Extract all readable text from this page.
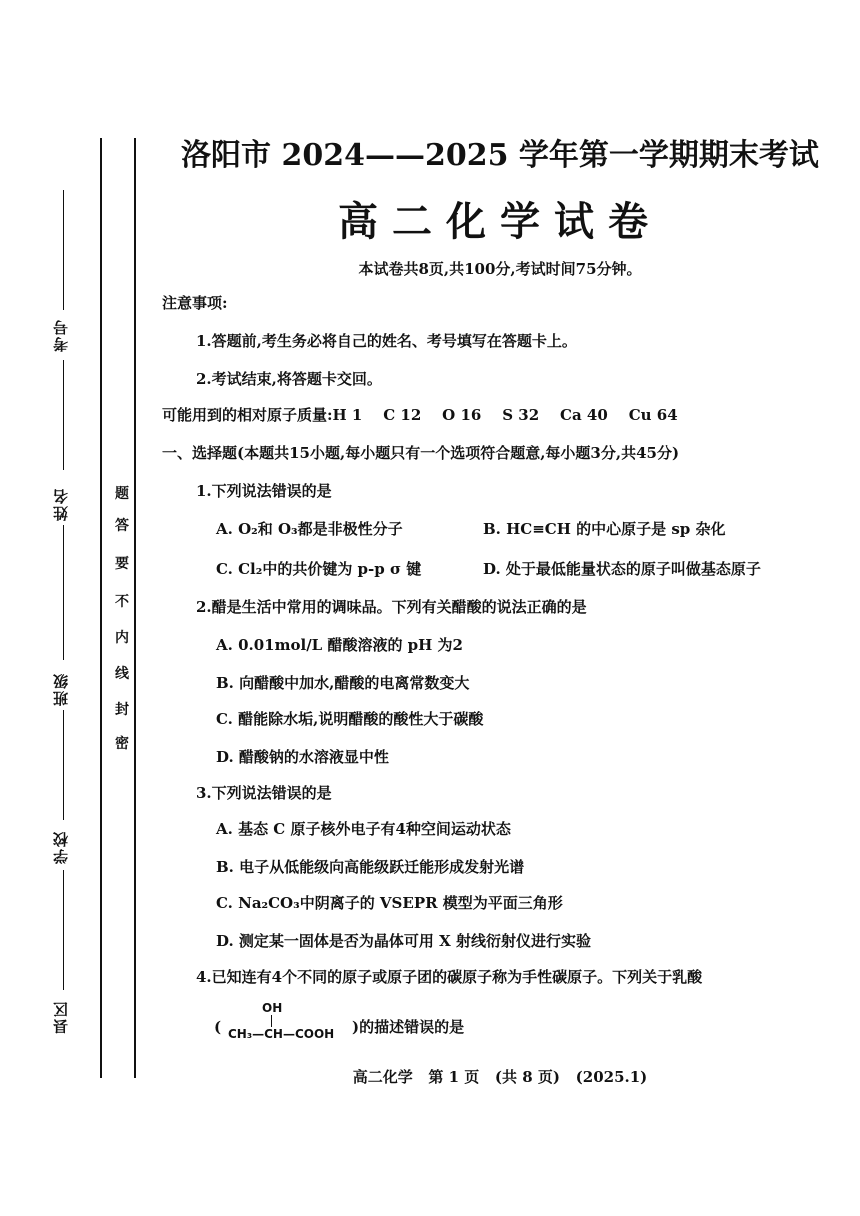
考号
姓名
班级
学校
县区
题
答
要
不
内
线
封
密
洛阳市 2024——2025 学年第一学期期末考试
高二化学试卷
本试卷共8页,共100分,考试时间75分钟。
注意事项:
1.答题前,考生务必将自己的姓名、考号填写在答题卡上。
2.考试结束,将答题卡交回。
可能用到的相对原子质量:H 1    C 12    O 16    S 32    Ca 40    Cu 64
一、选择题(本题共15小题,每小题只有一个选项符合题意,每小题3分,共45分)
1.下列说法错误的是
A. O₂和 O₃都是非极性分子	B. HC≡CH 的中心原子是 sp 杂化
C. Cl₂中的共价键为 p-p σ 键	D. 处于最低能量状态的原子叫做基态原子
2.醋是生活中常用的调味品。下列有关醋酸的说法正确的是
A. 0.01mol/L 醋酸溶液的 pH 为2
B. 向醋酸中加水,醋酸的电离常数变大
C. 醋能除水垢,说明醋酸的酸性大于碳酸
D. 醋酸钠的水溶液显中性
3.下列说法错误的是
A. 基态 C 原子核外电子有4种空间运动状态
B. 电子从低能级向高能级跃迁能形成发射光谱
C. Na₂CO₃中阴离子的 VSEPR 模型为平面三角形
D. 测定某一固体是否为晶体可用 X 射线衍射仪进行实验
4.已知连有4个不同的原子或原子团的碳原子称为手性碳原子。下列关于乳酸
(
OH
CH₃—CH—COOH )的描述错误的是
高二化学   第 1 页   (共 8 页)   (2025.1)
